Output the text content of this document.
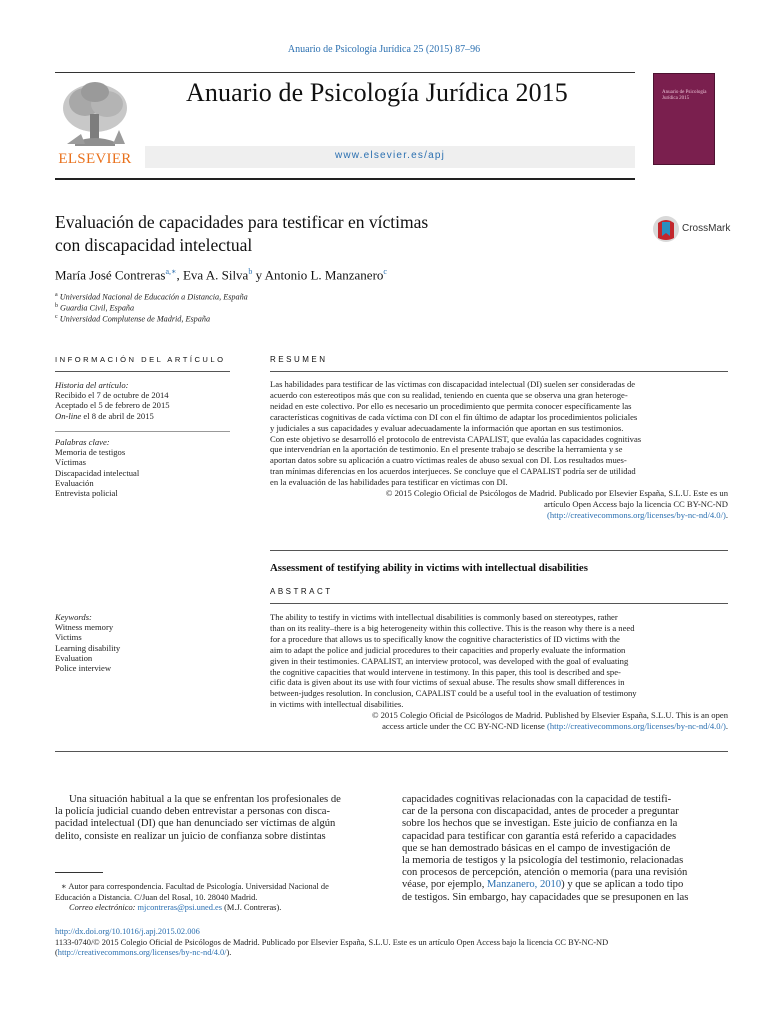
Anuario de Psicología Jurídica 25 (2015) 87–96
ELSEVIER
Anuario de Psicología Jurídica 2015
www.elsevier.es/apj
Anuario de Psicología Jurídica 2015
Evaluación de capacidades para testificar en víctimas
con discapacidad intelectual
CrossMark
María José Contreras$^{a,∗}$, Eva A. Silva$^b$ y Antonio L. Manzanero$^c$
$^a$ Universidad Nacional de Educación a Distancia, España
$^b$ Guardia Civil, España
$^c$ Universidad Complutense de Madrid, España
INFORMACIÓN DEL ARTÍCULO	RESUMEN
Historia del artículo:
Recibido el 7 de octubre de 2014
Aceptado el 5 de febrero de 2015
On-line el 8 de abril de 2015
Palabras clave:
Memoria de testigos
Víctimas
Discapacidad intelectual
Evaluación
Entrevista policial
Las habilidades para testificar de las víctimas con discapacidad intelectual (DI) suelen ser consideradas de
acuerdo con estereotipos más que con su realidad, teniendo en cuenta que se observa una gran heteroge-
neidad en este colectivo. Por ello es necesario un procedimiento que permita conocer específicamente las
características cognitivas de cada víctima con DI con el fin último de adaptar los procedimientos policiales
y judiciales a sus capacidades y evaluar adecuadamente la información que aportan en sus testimonios.
Con este objetivo se desarrolló el protocolo de entrevista CAPALIST, que evalúa las capacidades cognitivas
que intervendrían en la aportación de testimonio. En el presente trabajo se describe la herramienta y se
aportan datos sobre su aplicación a cuatro víctimas reales de abuso sexual con DI. Los resultados mues-
tran mínimas diferencias en los acuerdos interjueces. Se concluye que el CAPALIST podría ser de utilidad
en la evaluación de las habilidades para testificar en víctimas con DI.
© 2015 Colegio Oficial de Psicólogos de Madrid. Publicado por Elsevier España, S.L.U. Este es un
artículo Open Access bajo la licencia CC BY-NC-ND
(http://creativecommons.org/licenses/by-nc-nd/4.0/).
Assessment of testifying ability in victims with intellectual disabilities
ABSTRACT
Keywords:
Witness memory
Victims
Learning disability
Evaluation
Police interview
The ability to testify in victims with intellectual disabilities is commonly based on stereotypes, rather
than on its reality–there is a big heterogeneity within this collective. This is the reason why there is a need
for a procedure that allows us to specifically know the cognitive characteristics of ID victims with the
aim to adapt the police and judicial procedures to their capacities and properly evaluate the information
given in their testimonies. CAPALIST, an interview protocol, was developed with the goal of evaluating
the cognitive capacities that would intervene in testimony. In this paper, this tool is described and spe-
cific data is given about its use with four victims of sexual abuse. The results show small differences in
between-judges resolution. In conclusion, CAPALIST could be a useful tool in the evaluation of testimony
in victims with intellectual disabilities.
© 2015 Colegio Oficial de Psicólogos de Madrid. Published by Elsevier España, S.L.U. This is an open
access article under the CC BY-NC-ND license (http://creativecommons.org/licenses/by-nc-nd/4.0/).
Una situación habitual a la que se enfrentan los profesionales de
la policía judicial cuando deben entrevistar a personas con disca-
pacidad intelectual (DI) que han denunciado ser víctimas de algún
delito, consiste en realizar un juicio de confianza sobre distintas
capacidades cognitivas relacionadas con la capacidad de testifi-
car de la persona con discapacidad, antes de proceder a preguntar
sobre los hechos que se investigan. Este juicio de confianza en la
capacidad para testificar con garantía está referido a capacidades
que se han demostrado básicas en el campo de investigación de
la memoria de testigos y la psicología del testimonio, relacionadas
con procesos de percepción, atención o memoria (para una revisión
véase, por ejemplo, Manzanero, 2010) y que se aplican a todo tipo
de testigos. Sin embargo, hay capacidades que se presuponen en las
∗ Autor para correspondencia. Facultad de Psicología. Universidad Nacional de
Educación a Distancia. C/Juan del Rosal, 10. 28040 Madrid.
Correo electrónico: mjcontreras@psi.uned.es (M.J. Contreras).
http://dx.doi.org/10.1016/j.apj.2015.02.006
1133-0740/© 2015 Colegio Oficial de Psicólogos de Madrid. Publicado por Elsevier España, S.L.U. Este es un artículo Open Access bajo la licencia CC BY-NC-ND
(http://creativecommons.org/licenses/by-nc-nd/4.0/).
